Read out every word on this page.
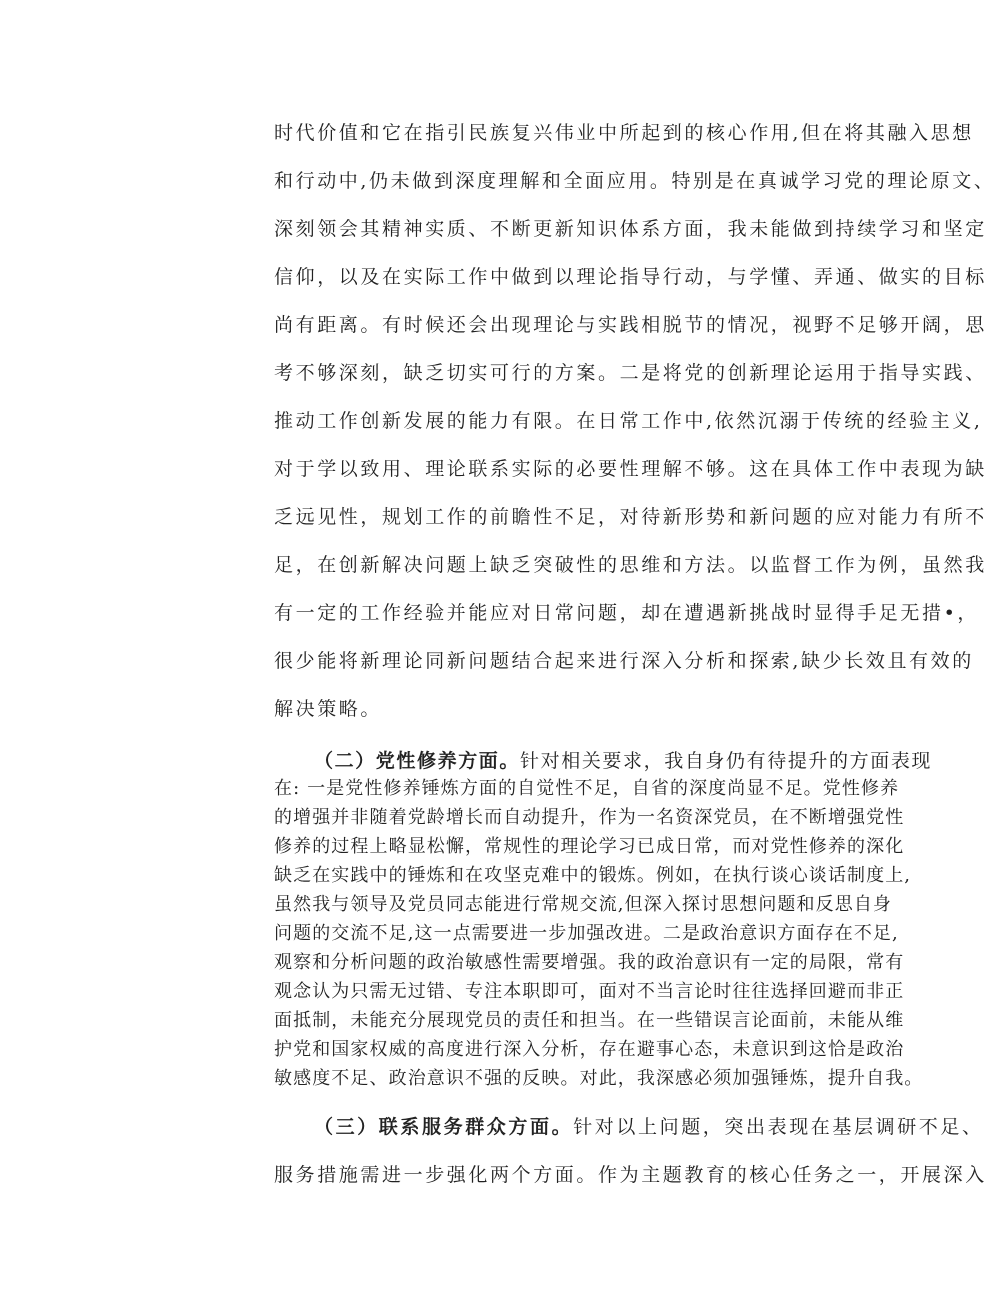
时代价值和它在指引民族复兴伟业中所起到的核心作用,但在将其融入思想
和行动中,仍未做到深度理解和全面应用。特别是在真诚学习党的理论原文、
深刻领会其精神实质、不断更新知识体系方面，我未能做到持续学习和坚定
信仰，以及在实际工作中做到以理论指导行动，与学懂、弄通、做实的目标
尚有距离。有时候还会出现理论与实践相脱节的情况，视野不足够开阔，思
考不够深刻，缺乏切实可行的方案。二是将党的创新理论运用于指导实践、
推动工作创新发展的能力有限。在日常工作中,依然沉溺于传统的经验主义,
对于学以致用、理论联系实际的必要性理解不够。这在具体工作中表现为缺
乏远见性，规划工作的前瞻性不足，对待新形势和新问题的应对能力有所不
足，在创新解决问题上缺乏突破性的思维和方法。以监督工作为例，虽然我
有一定的工作经验并能应对日常问题，却在遭遇新挑战时显得手足无措•，
很少能将新理论同新问题结合起来进行深入分析和探索,缺少长效且有效的
解决策略。
（二）党性修养方面。针对相关要求，我自身仍有待提升的方面表现
在: 一是党性修养锤炼方面的自觉性不足，自省的深度尚显不足。党性修养
的增强并非随着党龄增长而自动提升，作为一名资深党员，在不断增强党性
修养的过程上略显松懈，常规性的理论学习已成日常，而对党性修养的深化
缺乏在实践中的锤炼和在攻坚克难中的锻炼。例如，在执行谈心谈话制度上,
虽然我与领导及党员同志能进行常规交流,但深入探讨思想问题和反思自身
问题的交流不足,这一点需要进一步加强改进。二是政治意识方面存在不足,
观察和分析问题的政治敏感性需要增强。我的政治意识有一定的局限，常有
观念认为只需无过错、专注本职即可，面对不当言论时往往选择回避而非正
面抵制，未能充分展现党员的责任和担当。在一些错误言论面前，未能从维
护党和国家权威的高度进行深入分析，存在避事心态，未意识到这恰是政治
敏感度不足、政治意识不强的反映。对此，我深感必须加强锤炼，提升自我。
（三）联系服务群众方面。针对以上问题，突出表现在基层调研不足、
服务措施需进一步强化两个方面。作为主题教育的核心任务之一，开展深入
